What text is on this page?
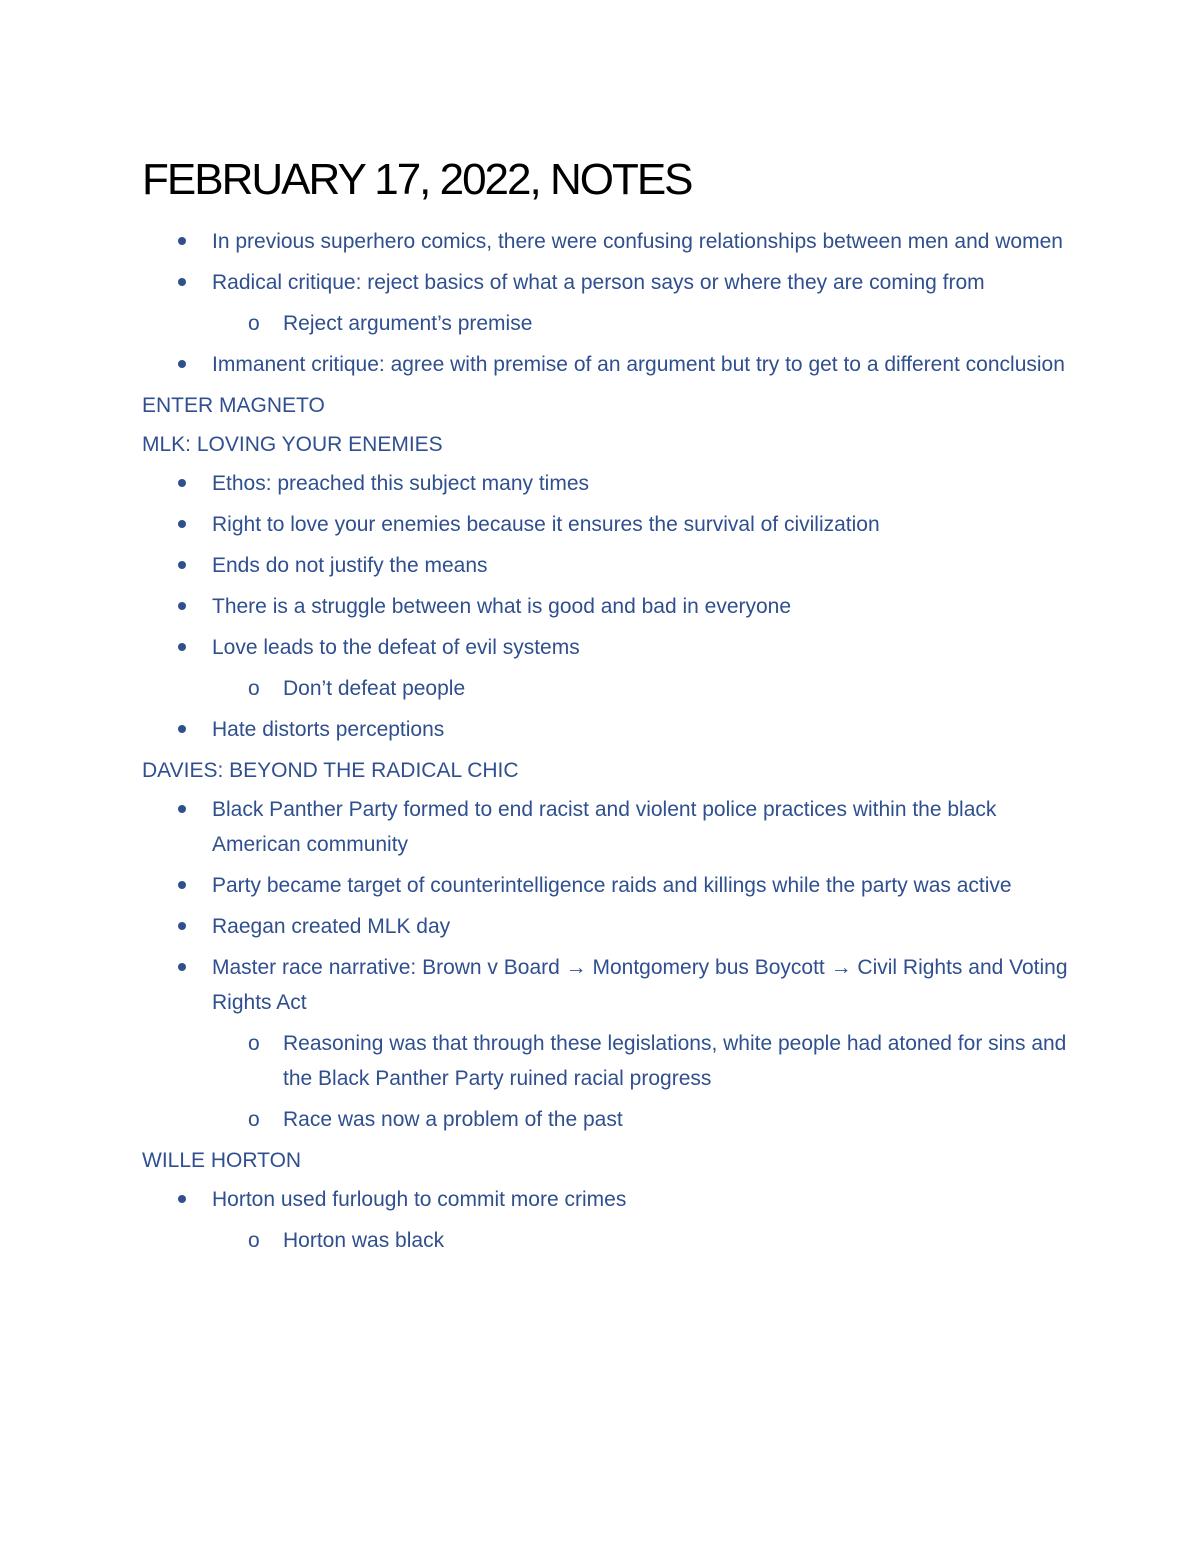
FEBRUARY 17, 2022, NOTES
In previous superhero comics, there were confusing relationships between men and women
Radical critique: reject basics of what a person says or where they are coming from
o Reject argument’s premise
Immanent critique: agree with premise of an argument but try to get to a different conclusion
ENTER MAGNETO
MLK: LOVING YOUR ENEMIES
Ethos: preached this subject many times
Right to love your enemies because it ensures the survival of civilization
Ends do not justify the means
There is a struggle between what is good and bad in everyone
Love leads to the defeat of evil systems
o Don’t defeat people
Hate distorts perceptions
DAVIES: BEYOND THE RADICAL CHIC
Black Panther Party formed to end racist and violent police practices within the black American community
Party became target of counterintelligence raids and killings while the party was active
Raegan created MLK day
Master race narrative: Brown v Board → Montgomery bus Boycott → Civil Rights and Voting Rights Act
o Reasoning was that through these legislations, white people had atoned for sins and the Black Panther Party ruined racial progress
o Race was now a problem of the past
WILLE HORTON
Horton used furlough to commit more crimes
o Horton was black
